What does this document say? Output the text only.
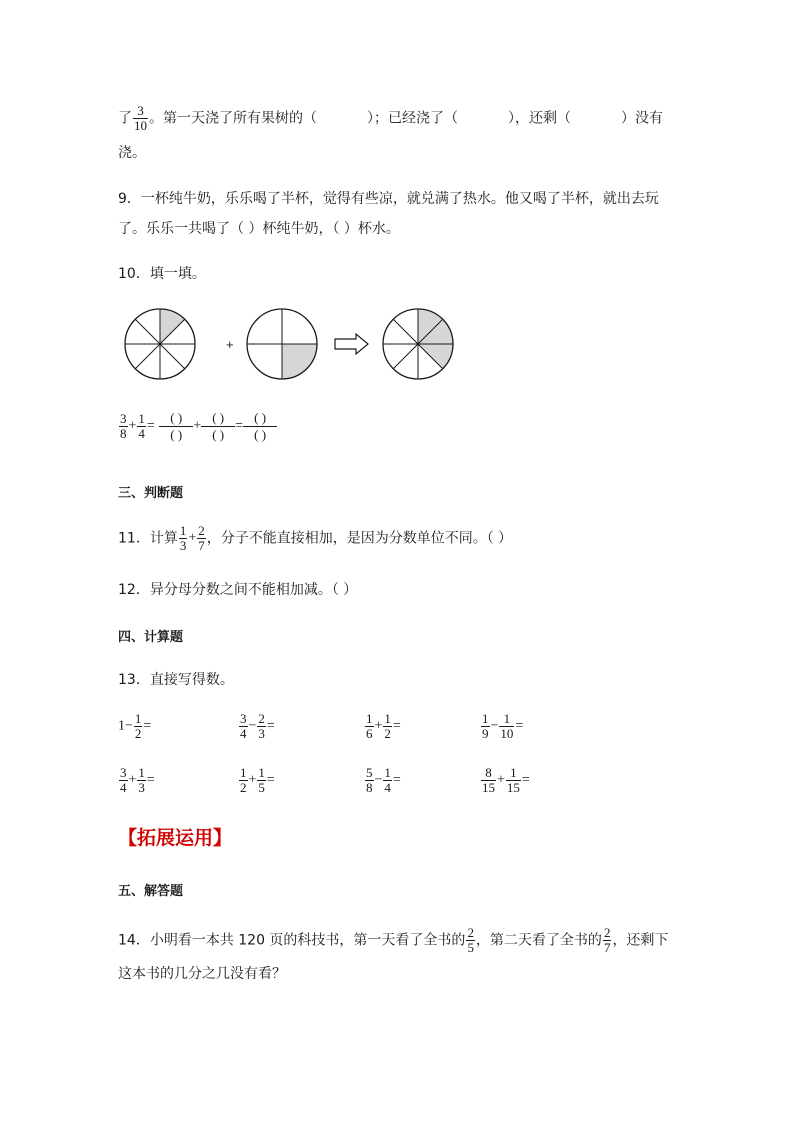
了 $\frac{3}{10}$ 。第一天浇了所有果树的（	）；已经浇了（	），还剩（	）没有
浇。
9．一杯纯牛奶，乐乐喝了半杯，觉得有些凉，就兑满了热水。他又喝了半杯，就出去玩
了。乐乐一共喝了（ ）杯纯牛奶，（ ）杯水。
10．填一填。
+
$\frac{3}{8} + \frac{1}{4}$ =
( )
( )
+
( )
( )
=
( )
( )
三、判断题
11．计算 $\frac{1}{3} + \frac{2}{7}$ ，分子不能直接相加，是因为分数单位不同。（ ）
12．异分母分数之间不能相加减。（ ）
四、计算题
13．直接写得数。
$1- \frac{1}{2}$ =	$\frac{3}{4} - \frac{2}{3}$ =	$\frac{1}{6} + \frac{1}{2}$ =	$\frac{1}{9} - \frac{1}{10}$ =
$\frac{3}{4} + \frac{1}{3}$ =	$\frac{1}{2} + \frac{1}{5}$ =	$\frac{5}{8} - \frac{1}{4}$ =	$\frac{8}{15} + \frac{1}{15}$ =
【拓展运用】
五、解答题
14．小明看一本共 120 页的科技书，第一天看了全书的 $\frac{2}{5}$ ，第二天看了全书的 $\frac{2}{7}$ ，还剩下
这本书的几分之几没有看？
